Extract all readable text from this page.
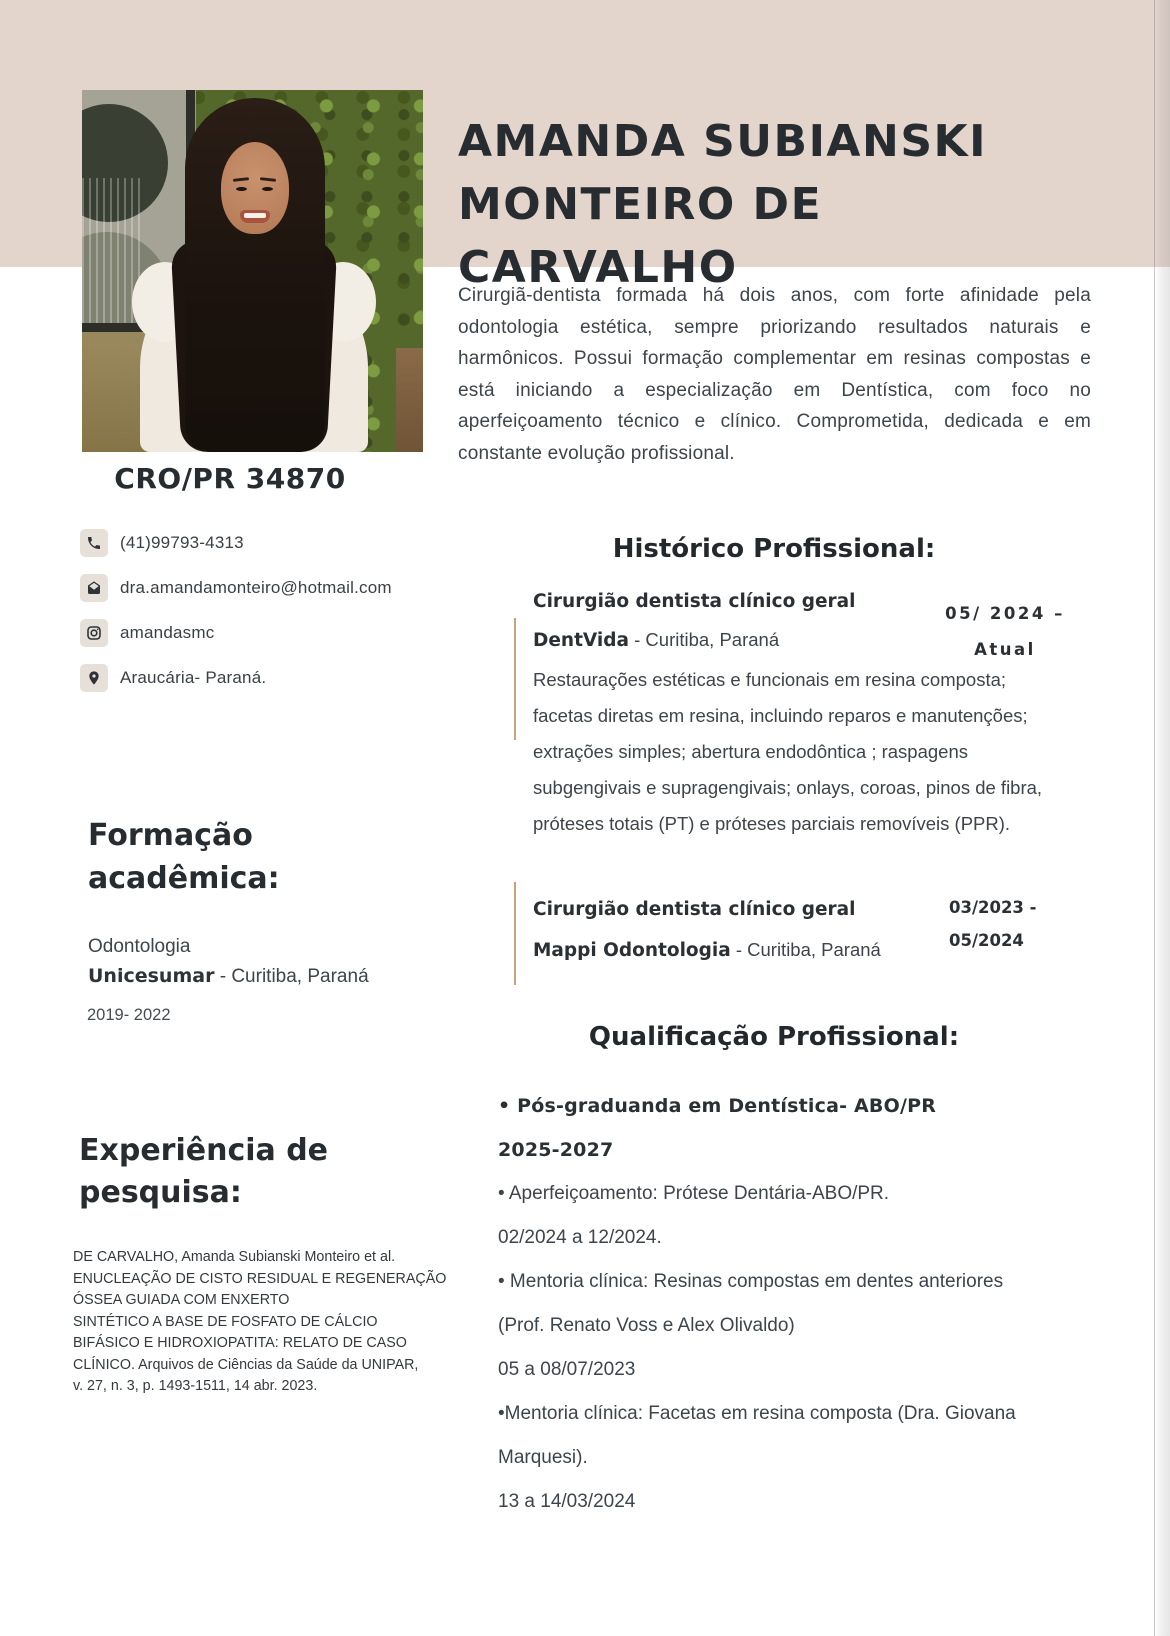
CRO/PR 34870
(41)99793-4313
dra.amandamonteiro@hotmail.com
amandasmc
Araucária- Paraná.
Formação
acadêmica:
Odontologia
Unicesumar - Curitiba, Paraná
2019- 2022
Experiência de
pesquisa:
DE CARVALHO, Amanda Subianski Monteiro et al.
ENUCLEAÇÃO DE CISTO RESIDUAL E REGENERAÇÃO
ÓSSEA GUIADA COM ENXERTO
SINTÉTICO A BASE DE FOSFATO DE CÁLCIO
BIFÁSICO E HIDROXIOPATITA: RELATO DE CASO
CLÍNICO. Arquivos de Ciências da Saúde da UNIPAR,
v. 27, n. 3, p. 1493-1511, 14 abr. 2023.
AMANDA SUBIANSKI
MONTEIRO DE CARVALHO
Cirurgiã-dentista formada há dois anos, com forte afinidade pela odontologia estética, sempre priorizando resultados naturais e harmônicos. Possui formação complementar em resinas compostas e está iniciando a especialização em Dentística, com foco no aperfeiçoamento técnico e clínico. Comprometida, dedicada e em constante evolução profissional.
Histórico Profissional:
Cirurgião dentista clínico geral
DentVida - Curitiba, Paraná
05/ 2024 –
Atual
Restaurações estéticas e funcionais em resina composta;
facetas diretas em resina, incluindo reparos e manutenções;
extrações simples; abertura endodôntica ; raspagens
subgengivais e supragengivais; onlays, coroas, pinos de fibra,
próteses totais (PT) e próteses parciais removíveis (PPR).
Cirurgião dentista clínico geral
Mappi Odontologia - Curitiba, Paraná
03/2023 -
05/2024
Qualificação Profissional:
• Pós-graduanda em Dentística- ABO/PR
2025-2027
• Aperfeiçoamento: Prótese Dentária-ABO/PR.
02/2024 a 12/2024.
• Mentoria clínica: Resinas compostas em dentes anteriores
(Prof. Renato Voss e Alex Olivaldo)
05 a 08/07/2023
•Mentoria clínica: Facetas em resina composta (Dra. Giovana
Marquesi).
13 a 14/03/2024
